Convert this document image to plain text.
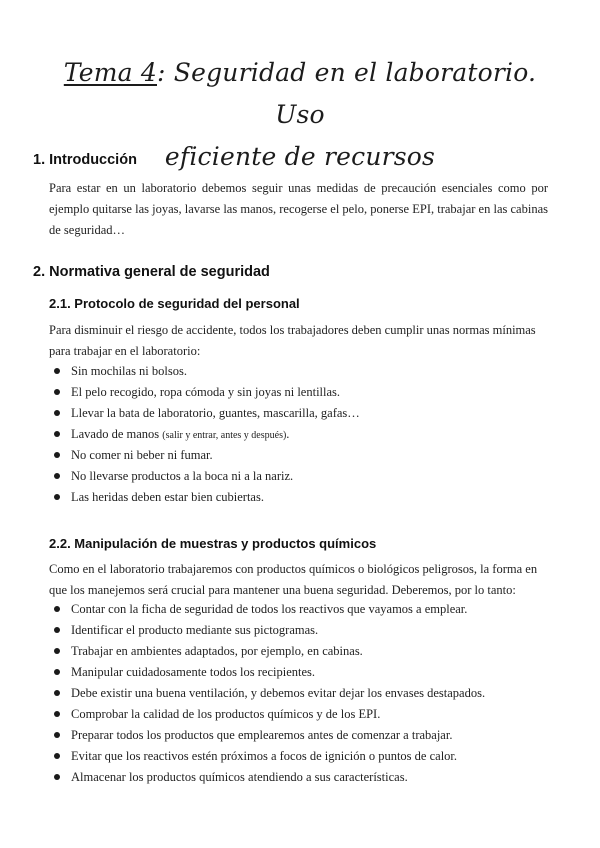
Tema 4: Seguridad en el laboratorio. Uso
eficiente de recursos
1. Introducción
Para estar en un laboratorio debemos seguir unas medidas de precaución esenciales como por ejemplo quitarse las joyas, lavarse las manos, recogerse el pelo, ponerse EPI, trabajar en las cabinas de seguridad…
2. Normativa general de seguridad
2.1. Protocolo de seguridad del personal
Para disminuir el riesgo de accidente, todos los trabajadores deben cumplir unas normas mínimas para trabajar en el laboratorio:
Sin mochilas ni bolsos.
El pelo recogido, ropa cómoda y sin joyas ni lentillas.
Llevar la bata de laboratorio, guantes, mascarilla, gafas…
Lavado de manos (salir y entrar, antes y después).
No comer ni beber ni fumar.
No llevarse productos a la boca ni a la nariz.
Las heridas deben estar bien cubiertas.
2.2. Manipulación de muestras y productos químicos
Como en el laboratorio trabajaremos con productos químicos o biológicos peligrosos, la forma en que los manejemos será crucial para mantener una buena seguridad. Deberemos, por lo tanto:
Contar con la ficha de seguridad de todos los reactivos que vayamos a emplear.
Identificar el producto mediante sus pictogramas.
Trabajar en ambientes adaptados, por ejemplo, en cabinas.
Manipular cuidadosamente todos los recipientes.
Debe existir una buena ventilación, y debemos evitar dejar los envases destapados.
Comprobar la calidad de los productos químicos y de los EPI.
Preparar todos los productos que emplearemos antes de comenzar a trabajar.
Evitar que los reactivos estén próximos a focos de ignición o puntos de calor.
Almacenar los productos químicos atendiendo a sus características.
